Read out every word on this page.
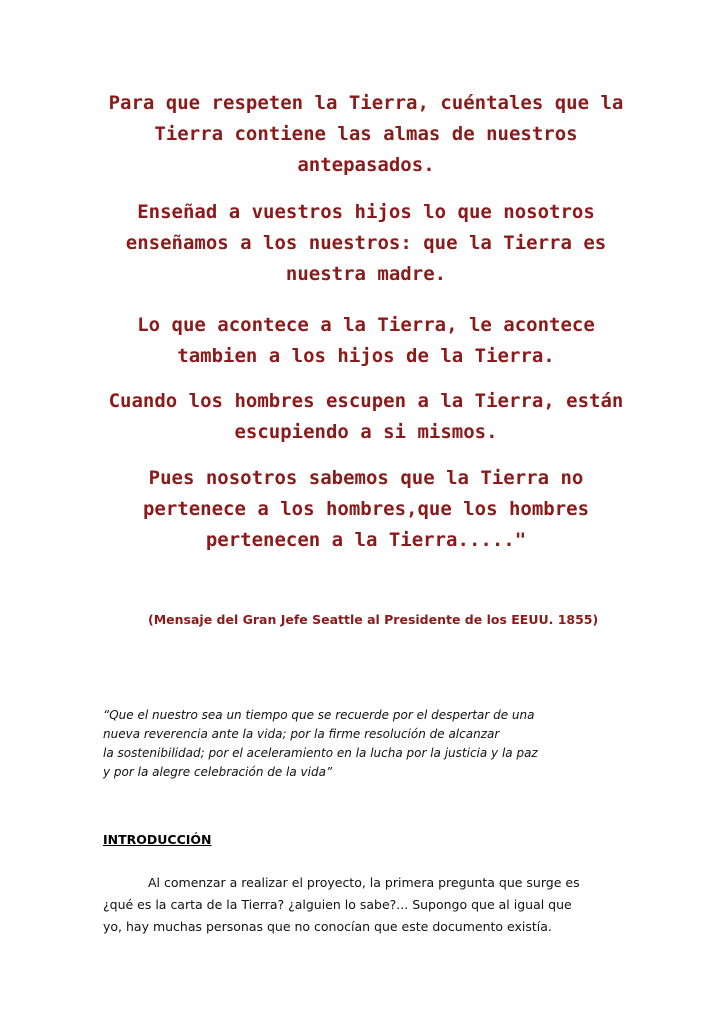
Para que respeten la Tierra, cuéntales que la
Tierra contiene las almas de nuestros
antepasados.
Enseñad a vuestros hijos lo que nosotros
enseñamos a los nuestros: que la Tierra es
nuestra madre.
Lo que acontece a la Tierra, le acontece
tambien a los hijos de la Tierra.
Cuando los hombres escupen a la Tierra, están
escupiendo a si mismos.
Pues nosotros sabemos que la Tierra no
pertenece a los hombres,que los hombres
pertenecen a la Tierra....."
(Mensaje del Gran Jefe Seattle al Presidente de los EEUU. 1855)
“Que el nuestro sea un tiempo que se recuerde por el despertar de una
nueva reverencia ante la vida; por la firme resolución de alcanzar
la sostenibilidad; por el aceleramiento en la lucha por la justicia y la paz
y por la alegre celebración de la vida”
INTRODUCCIÓN
Al comenzar a realizar el proyecto, la primera pregunta que surge es
¿qué es la carta de la Tierra? ¿alguien lo sabe?... Supongo que al igual que
yo, hay muchas personas que no conocían que este documento existía.
